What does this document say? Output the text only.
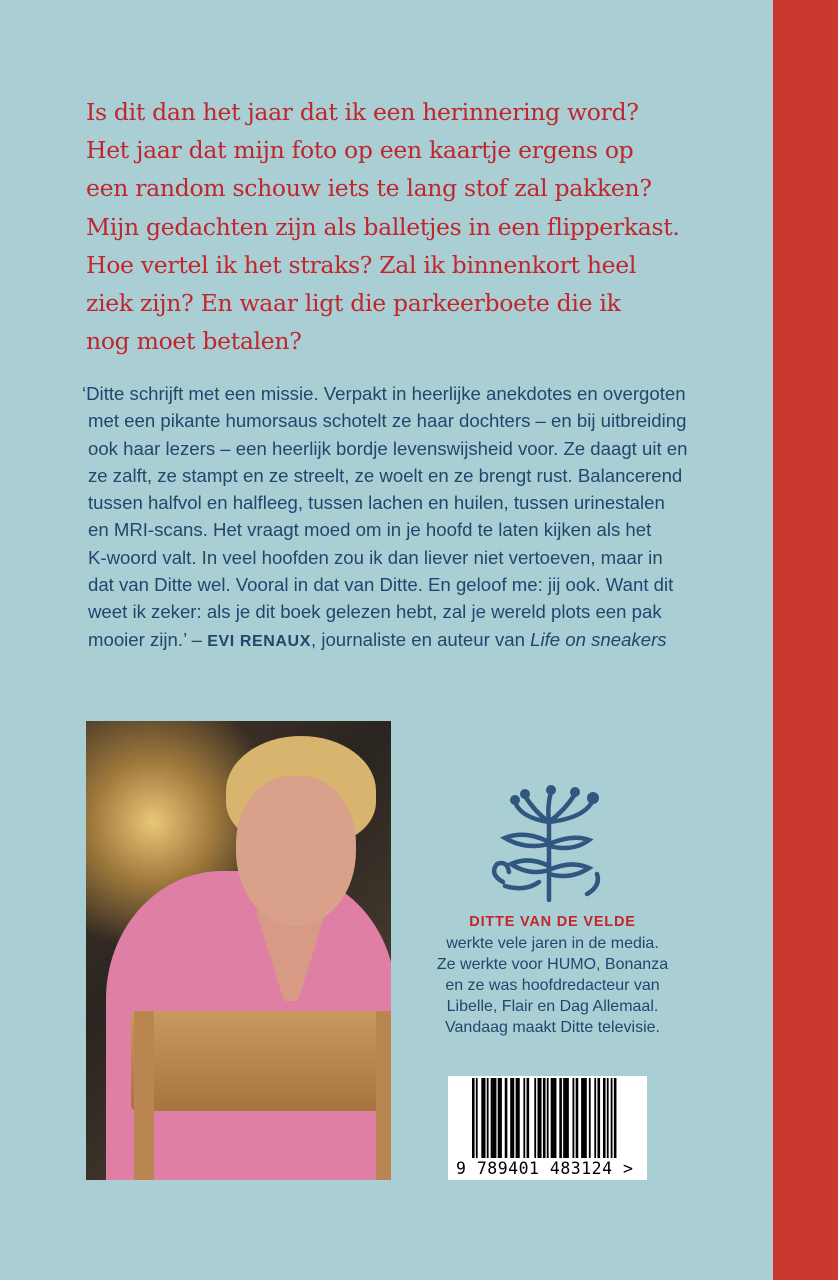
Is dit dan het jaar dat ik een herinnering word?
Het jaar dat mijn foto op een kaartje ergens op
een random schouw iets te lang stof zal pakken?
Mijn gedachten zijn als balletjes in een flipperkast.
Hoe vertel ik het straks? Zal ik binnenkort heel
ziek zijn? En waar ligt die parkeerboete die ik
nog moet betalen?
‘Ditte schrijft met een missie. Verpakt in heerlijke anekdotes en overgoten
met een pikante humorsaus schotelt ze haar dochters – en bij uitbreiding
ook haar lezers – een heerlijk bordje levenswijsheid voor. Ze daagt uit en
ze zalft, ze stampt en ze streelt, ze woelt en ze brengt rust. Balancerend
tussen halfvol en halfleeg, tussen lachen en huilen, tussen urinestalen
en MRI-scans. Het vraagt moed om in je hoofd te laten kijken als het
K-woord valt. In veel hoofden zou ik dan liever niet vertoeven, maar in
dat van Ditte wel. Vooral in dat van Ditte. En geloof me: jij ook. Want dit
weet ik zeker: als je dit boek gelezen hebt, zal je wereld plots een pak
mooier zijn.’ – EVI RENAUX, journaliste en auteur van Life on sneakers
DITTE VAN DE VELDE
werkte vele jaren in de media.
Ze werkte voor HUMO, Bonanza
en ze was hoofdredacteur van
Libelle, Flair en Dag Allemaal.
Vandaag maakt Ditte televisie.
9 789401 483124 >
